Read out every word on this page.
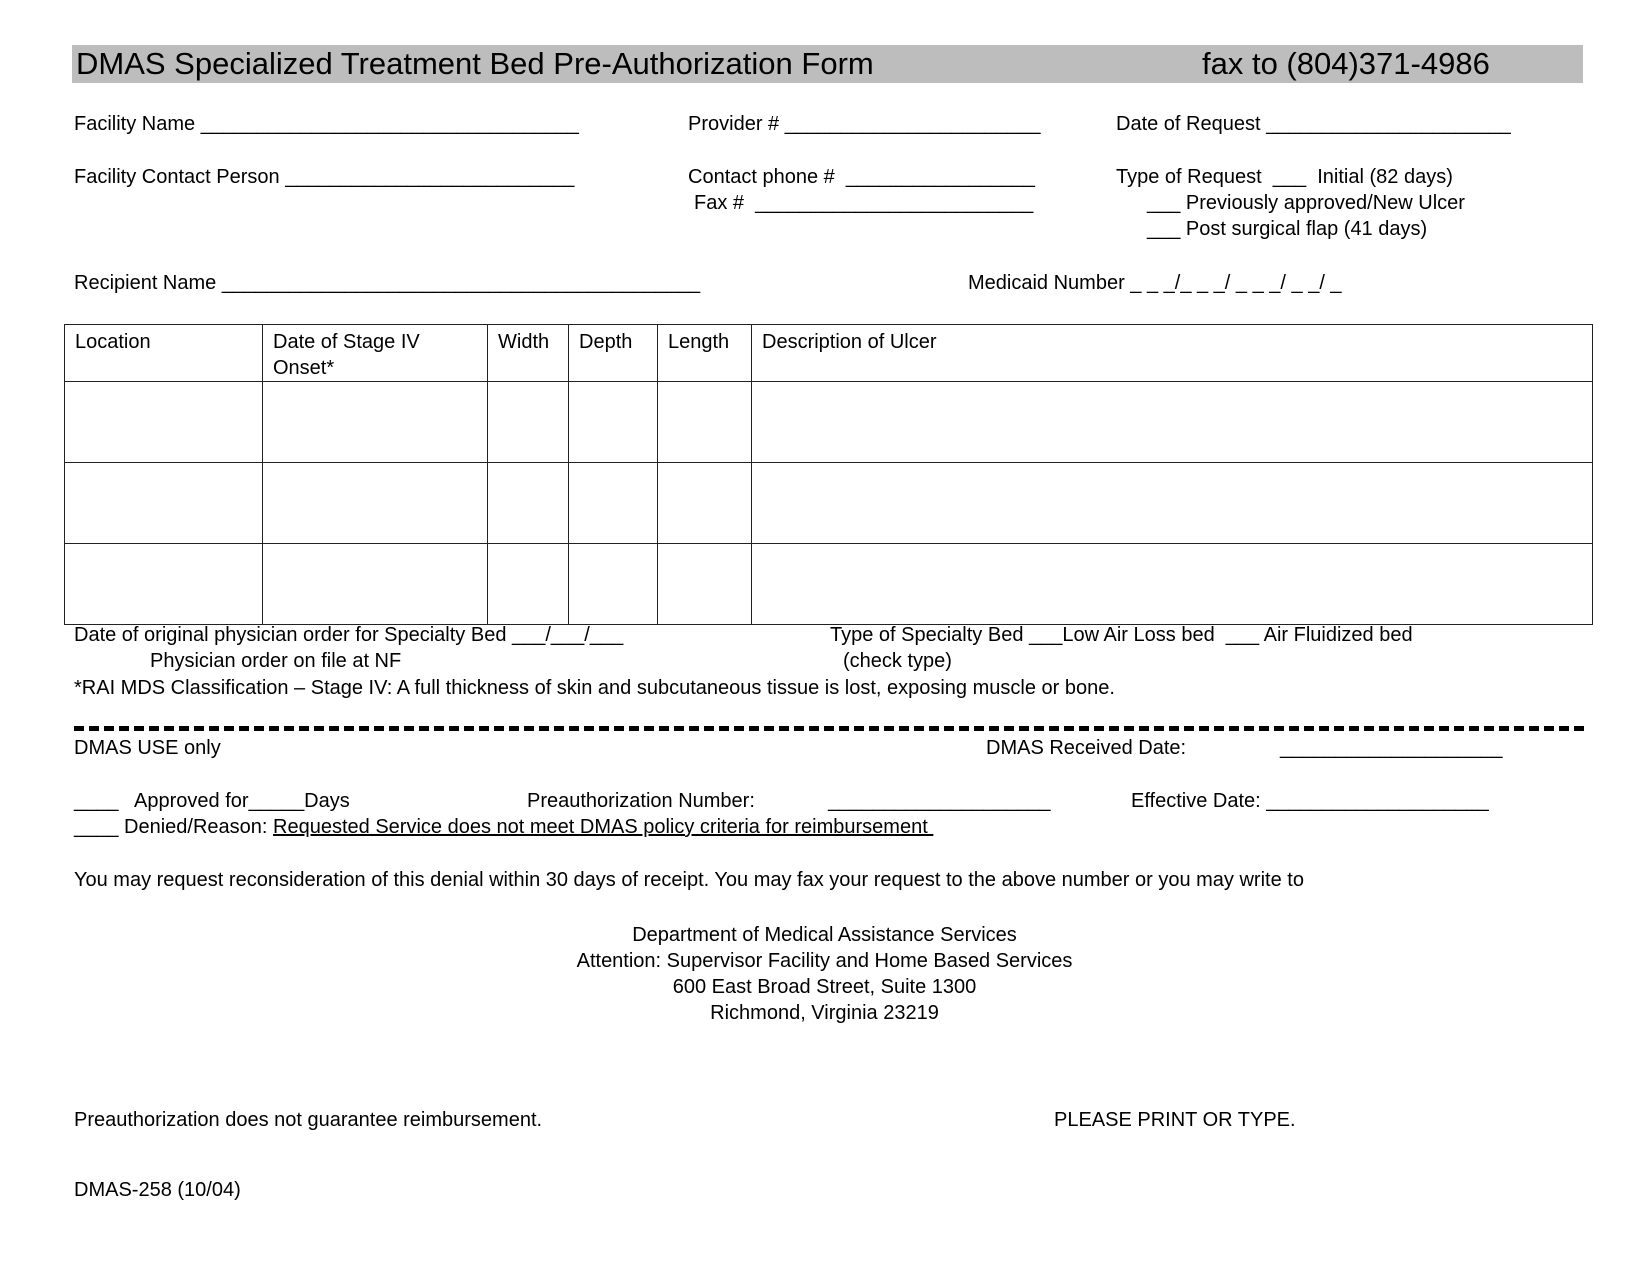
DMAS Specialized Treatment Bed Pre-Authorization Form	fax to (804)371-4986
Facility Name __________________________________	Provider # _______________________	Date of Request ______________________
Facility Contact Person __________________________	Contact phone #  _________________
Fax #  _________________________
Type of Request  ___  Initial (82 days)
___ Previously approved/New Ulcer
___ Post surgical flap (41 days)
Recipient Name ___________________________________________	Medicaid Number _ _ _/_ _ _/ _ _ _/ _ _/ _
Location	Date of Stage IV Onset*	Width	Depth	Length	Description of Ulcer

Date of original physician order for Specialty Bed ___/___/___
Physician order on file at NF
Type of Specialty Bed ___Low Air Loss bed  ___ Air Fluidized bed
(check type)
*RAI MDS Classification – Stage IV: A full thickness of skin and subcutaneous tissue is lost, exposing muscle or bone.
DMAS USE only	DMAS Received Date:	____________________
____   Approved for_____Days	Preauthorization Number:	____________________	Effective Date: ____________________
____ Denied/Reason: Requested Service does not meet DMAS policy criteria for reimbursement
You may request reconsideration of this denial within 30 days of receipt. You may fax your request to the above number or you may write to
Department of Medical Assistance Services
Attention: Supervisor Facility and Home Based Services
600 East Broad Street, Suite 1300
Richmond, Virginia 23219
Preauthorization does not guarantee reimbursement.	PLEASE PRINT OR TYPE.
DMAS-258 (10/04)
